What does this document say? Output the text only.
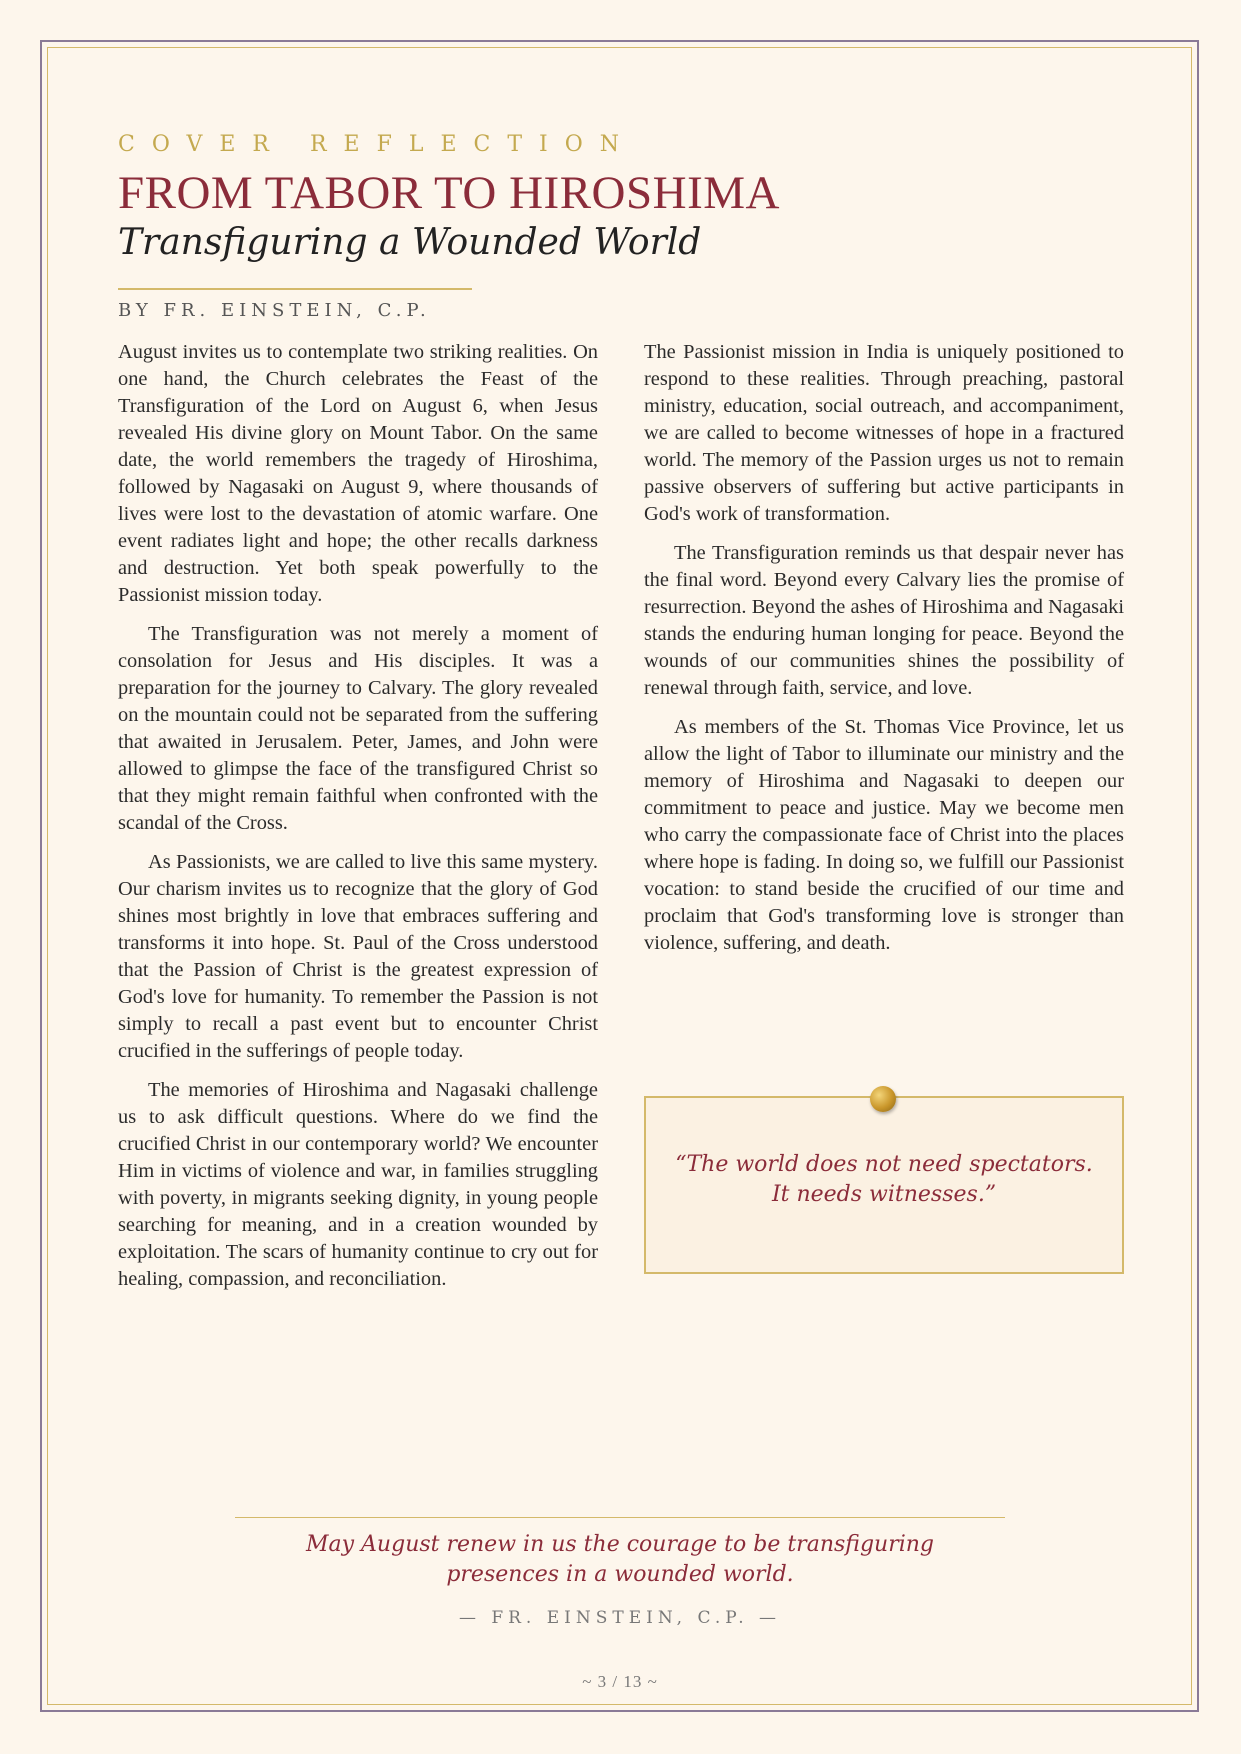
COVER REFLECTION
FROM TABOR TO HIROSHIMA
Transfiguring a Wounded World
BY FR. EINSTEIN, C.P.

August invites us to contemplate two striking realities. On one hand, the Church celebrates the Feast of the Transfiguration of the Lord on August 6, when Jesus revealed His divine glory on Mount Tabor. On the same date, the world remembers the tragedy of Hiroshima, followed by Nagasaki on August 9, where thousands of lives were lost to the devastation of atomic warfare. One event radiates light and hope; the other recalls darkness and destruction. Yet both speak powerfully to the Passionist mission today.

The Transfiguration was not merely a moment of consolation for Jesus and His disciples. It was a preparation for the journey to Calvary. The glory revealed on the mountain could not be separated from the suffering that awaited in Jerusalem. Peter, James, and John were allowed to glimpse the face of the transfigured Christ so that they might remain faithful when confronted with the scandal of the Cross.

As Passionists, we are called to live this same mystery. Our charism invites us to recognize that the glory of God shines most brightly in love that embraces suffering and transforms it into hope. St. Paul of the Cross understood that the Passion of Christ is the greatest expression of God's love for humanity. To remember the Passion is not simply to recall a past event but to encounter Christ crucified in the sufferings of people today.

The memories of Hiroshima and Nagasaki challenge us to ask difficult questions. Where do we find the crucified Christ in our contemporary world? We encounter Him in victims of violence and war, in families struggling with poverty, in migrants seeking dignity, in young people searching for meaning, and in a creation wounded by exploitation. The scars of humanity continue to cry out for healing, compassion, and reconciliation.

The Passionist mission in India is uniquely positioned to respond to these realities. Through preaching, pastoral ministry, education, social outreach, and accompaniment, we are called to become witnesses of hope in a fractured world. The memory of the Passion urges us not to remain passive observers of suffering but active participants in God's work of transformation.

The Transfiguration reminds us that despair never has the final word. Beyond every Calvary lies the promise of resurrection. Beyond the ashes of Hiroshima and Nagasaki stands the enduring human longing for peace. Beyond the wounds of our communities shines the possibility of renewal through faith, service, and love.

As members of the St. Thomas Vice Province, let us allow the light of Tabor to illuminate our ministry and the memory of Hiroshima and Nagasaki to deepen our commitment to peace and justice. May we become men who carry the compassionate face of Christ into the places where hope is fading. In doing so, we fulfill our Passionist vocation: to stand beside the crucified of our time and proclaim that God's transforming love is stronger than violence, suffering, and death.

“The world does not need spectators.
It needs witnesses.”
May August renew in us the courage to be transfiguring
presences in a wounded world.
— FR. EINSTEIN, C.P. —
~ 3 / 13 ~
